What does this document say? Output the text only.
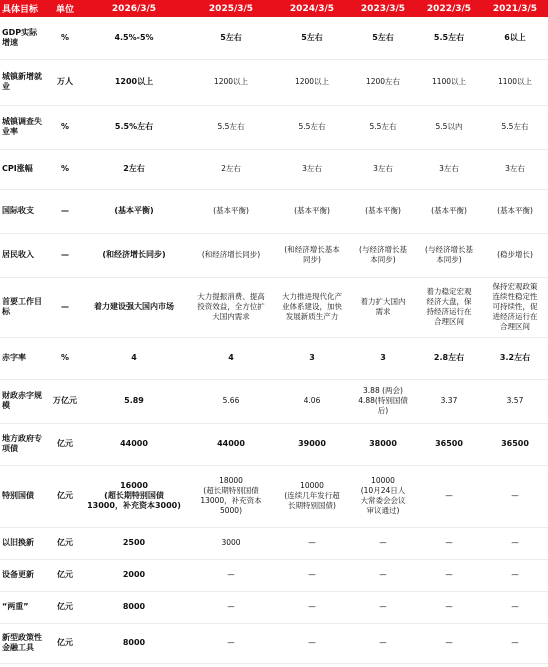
具体目标	单位	2026/3/5	2025/3/5	2024/3/5	2023/3/5	2022/3/5	2021/3/5
GDP实际
增速	%	4.5%-5%	5左右	5左右	5左右	5.5左右	6以上
城镇新增就
业	万人	1200以上	1200以上	1200以上	1200左右	1100以上	1100以上
城镇调查失
业率	%	5.5%左右	5.5左右	5.5左右	5.5左右	5.5以内	5.5左右
CPI涨幅	%	2左右	2左右	3左右	3左右	3左右	3左右
国际收支	—	(基本平衡)	(基本平衡)	(基本平衡)	(基本平衡)	(基本平衡)	(基本平衡)
居民收入	—	(和经济增长同步)	(和经济增长同步)	(和经济增长基本
同步)	(与经济增长基
本同步)	(与经济增长基
本同步)	(稳步增长)
首要工作目
标	—	着力建设强大国内市场	大力提振消费、提高
投资效益，全方位扩
大国内需求	大力推进现代化产
业体系建设，加快
发展新质生产力	着力扩大国内
需求	着力稳定宏观
经济大盘，保
持经济运行在
合理区间	保持宏观政策
连续性稳定性
可持续性，促
进经济运行在
合理区间
赤字率	%	4	4	3	3	2.8左右	3.2左右
财政赤字规
模	万亿元	5.89	5.66	4.06	3.88 (两会)
4.88(特别国债
后)	3.37	3.57
地方政府专
项债	亿元	44000	44000	39000	38000	36500	36500
特别国债	亿元	16000
(超长期特别国债
13000，补充资本3000)	18000
(超长期特别国债
13000，补充资本
5000)	10000
(连续几年发行超
长期特别国债)	10000
(10月24日人
大常委会会议
审议通过)	—	—
以旧换新	亿元	2500	3000	—	—	—	—
设备更新	亿元	2000	—	—	—	—	—
“两重”	亿元	8000	—	—	—	—	—
新型政策性
金融工具	亿元	8000	—	—	—	—	—
